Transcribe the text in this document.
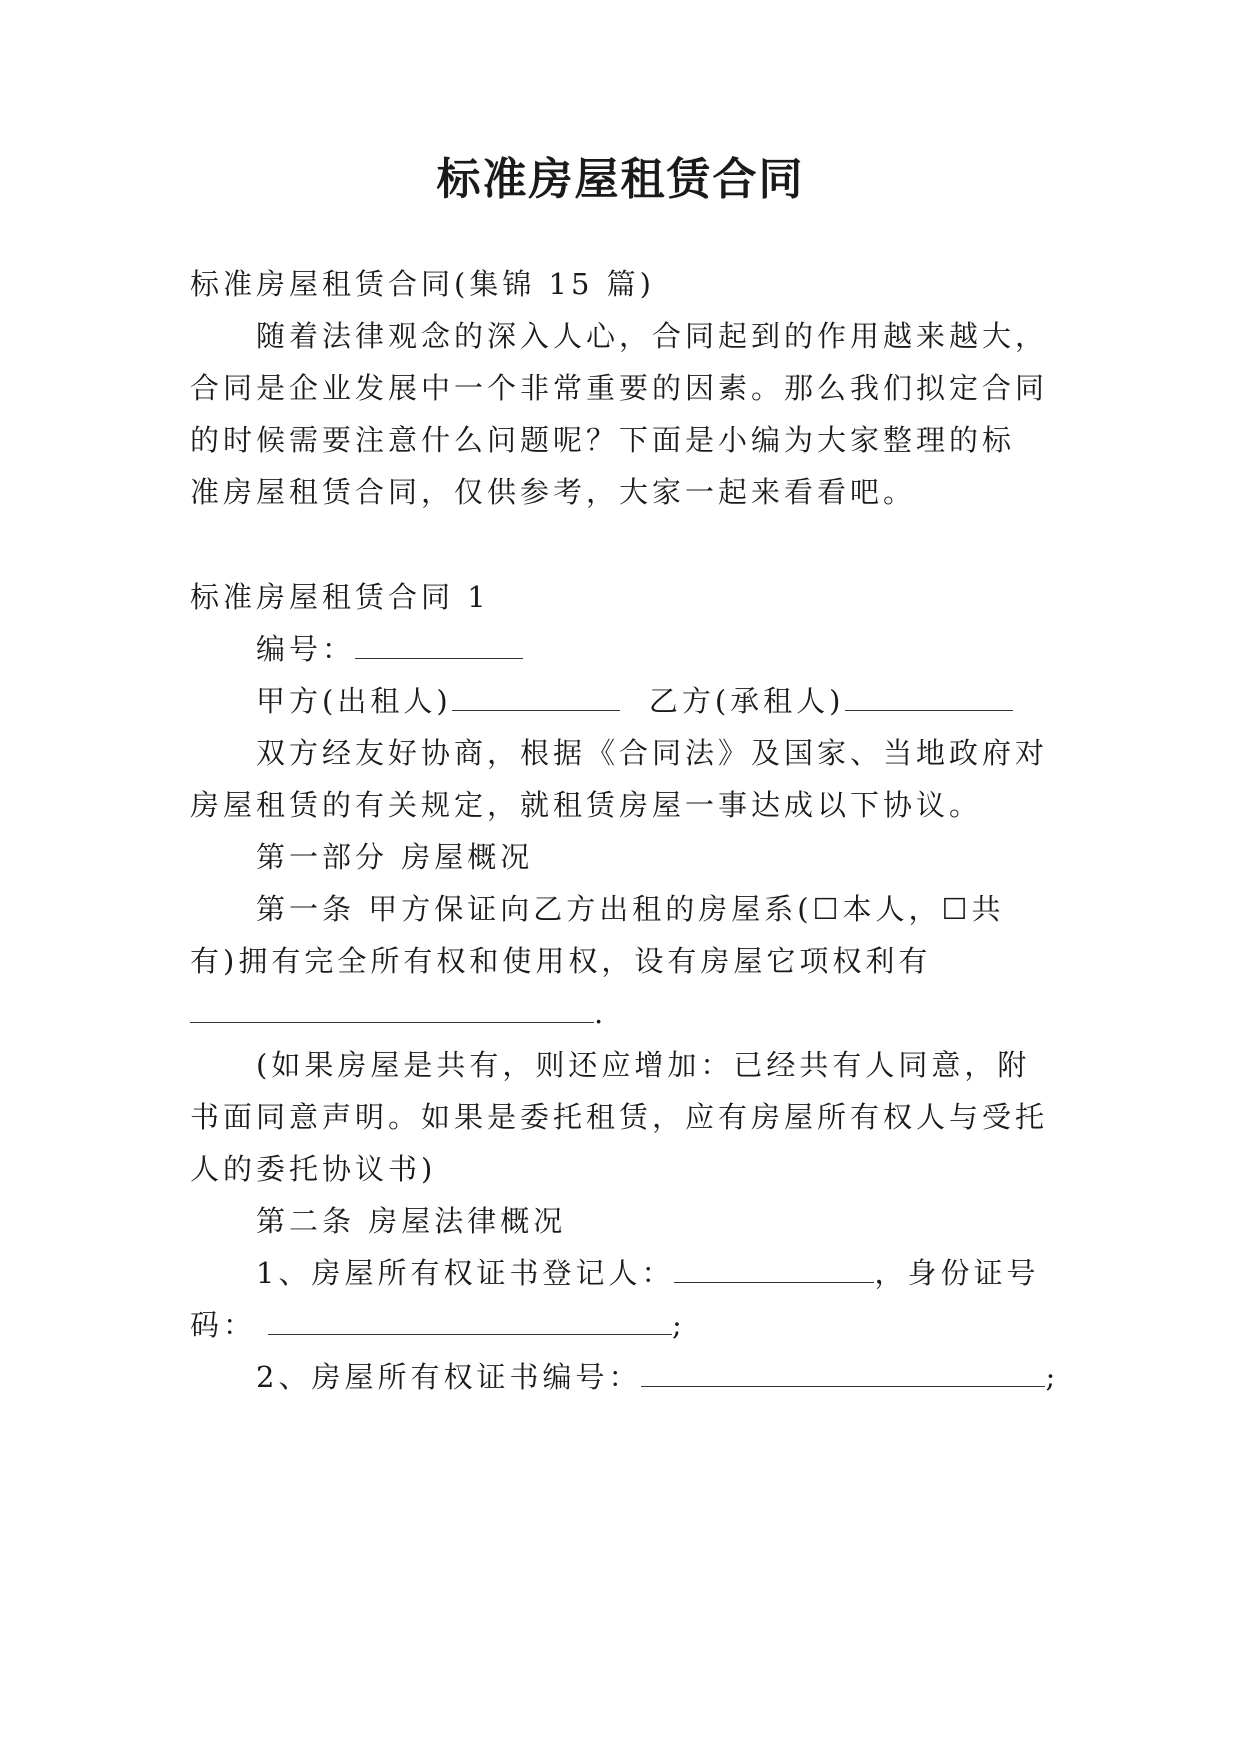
标准房屋租赁合同
标准房屋租赁合同(集锦 15 篇)
随着法律观念的深入人心，合同起到的作用越来越大，
合同是企业发展中一个非常重要的因素。那么我们拟定合同
的时候需要注意什么问题呢？下面是小编为大家整理的标
准房屋租赁合同，仅供参考，大家一起来看看吧。
标准房屋租赁合同 1
编号：
甲方(出租人)	乙方(承租人)
双方经友好协商，根据《合同法》及国家、当地政府对
房屋租赁的有关规定，就租赁房屋一事达成以下协议。
第一部分 房屋概况
第一条 甲方保证向乙方出租的房屋系(☐本人，☐共
有)拥有完全所有权和使用权，设有房屋它项权利有
.
(如果房屋是共有，则还应增加：已经共有人同意，附
书面同意声明。如果是委托租赁，应有房屋所有权人与受托
人的委托协议书)
第二条 房屋法律概况
1、房屋所有权证书登记人：	，身份证号
码：	;
2、房屋所有权证书编号：	;
